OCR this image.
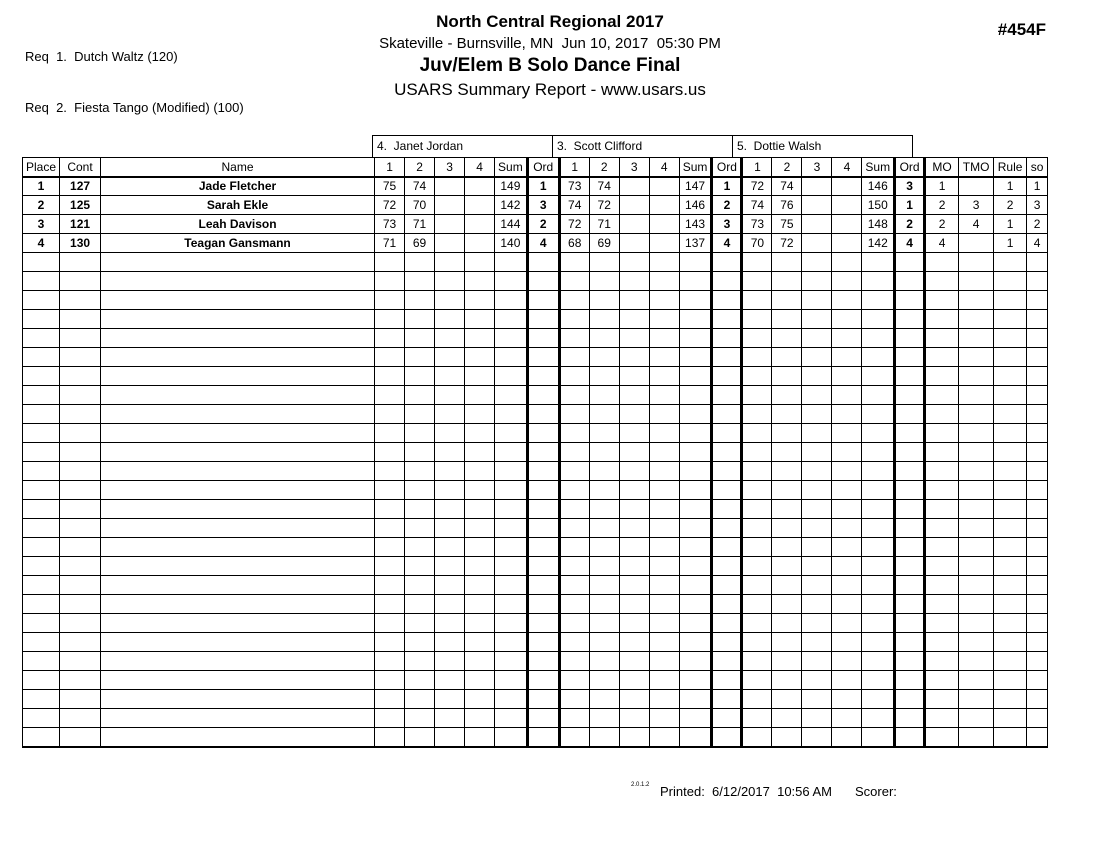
Req  1.  Dutch Waltz (120)

Req  2.  Fiesta Tango (Modified) (100)

North Central Regional 2017
Skateville - Burnsville, MN  Jun 10, 2017  05:30 PM
Juv/Elem B Solo Dance Final
USARS Summary Report - www.usars.us
#454F
4.  Janet Jordan	3.  Scott Clifford	5.  Dottie Walsh
Place	Cont	Name	1	2	3	4	Sum	Ord	1	2	3	4	Sum	Ord	1	2	3	4	Sum	Ord	MO	TMO	Rule	so
1	127	Jade Fletcher	75	74			149	1	73	74			147	1	72	74			146	3	1		1	1
2	125	Sarah Ekle	72	70			142	3	74	72			146	2	74	76			150	1	2	3	2	3
3	121	Leah Davison	73	71			144	2	72	71			143	3	73	75			148	2	2	4	1	2
4	130	Teagan Gansmann	71	69			140	4	68	69			137	4	70	72			142	4	4		1	4

2.0.1.2 Printed:  6/12/2017  10:56 AM Scorer:
